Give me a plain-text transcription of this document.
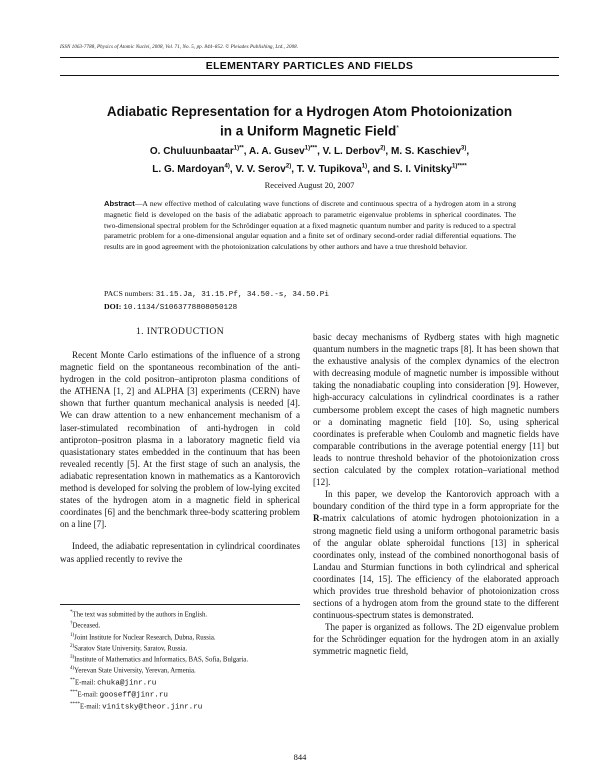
ISSN 1063-7788, Physics of Atomic Nuclei, 2008, Vol. 71, No. 5, pp. 844–852. © Pleiades Publishing, Ltd., 2008.
ELEMENTARY PARTICLES AND FIELDS
Adiabatic Representation for a Hydrogen Atom Photoionization
in a Uniform Magnetic Field*
O. Chuluunbaatar$^{1)**}$, A. A. Gusev$^{1)***}$, V. L. Derbov$^{2)}$, M. S. Kaschiev$^{3)}$,
L. G. Mardoyan$^{4)}$, V. V. Serov$^{2)}$, T. V. Tupikova$^{1)}$, and S. I. Vinitsky$^{1)****}$
Received August 20, 2007
Abstract—A new effective method of calculating wave functions of discrete and continuous spectra of a hydrogen atom in a strong magnetic field is developed on the basis of the adiabatic approach to parametric eigenvalue problems in spherical coordinates. The two-dimensional spectral problem for the Schrödinger equation at a fixed magnetic quantum number and parity is reduced to a spectral parametric problem for a one-dimensional angular equation and a finite set of ordinary second-order radial differential equations. The results are in good agreement with the photoionization calculations by other authors and have a true threshold behavior.
PACS numbers: 31.15.Ja, 31.15.Pf, 34.50.-s, 34.50.Pi
DOI: 10.1134/S1063778808050128
1. INTRODUCTION

Recent Monte Carlo estimations of the influence of a strong magnetic field on the spontaneous recombination of the anti-hydrogen in the cold positron–antiproton plasma conditions of the ATHENA [1, 2] and ALPHA [3] experiments (CERN) have shown that further quantum mechanical analysis is needed [4]. We can draw attention to a new enhancement mechanism of a laser-stimulated recombination of anti-hydrogen in cold antiproton–positron plasma in a laboratory magnetic field via quasistationary states embedded in the continuum that has been revealed recently [5]. At the first stage of such an analysis, the adiabatic representation known in mathematics as a Kantorovich method is developed for solving the problem of low-lying excited states of the hydrogen atom in a magnetic field in spherical coordinates [6] and the benchmark three-body scattering problem on a line [7].

Indeed, the adiabatic representation in cylindrical coordinates was applied recently to revive the

basic decay mechanisms of Rydberg states with high magnetic quantum numbers in the magnetic traps [8]. It has been shown that the exhaustive analysis of the complex dynamics of the electron with decreasing module of magnetic number is impossible without taking the nonadiabatic coupling into consideration [9]. However, high-accuracy calculations in cylindrical coordinates is a rather cumbersome problem except the cases of high magnetic numbers or a dominating magnetic field [10]. So, using spherical coordinates is preferable when Coulomb and magnetic fields have comparable contributions in the average potential energy [11] but leads to nontrue threshold behavior of the photoionization cross section calculated by the complex rotation–variational method [12].

In this paper, we develop the Kantorovich approach with a boundary condition of the third type in a form appropriate for the R-matrix calculations of atomic hydrogen photoionization in a strong magnetic field using a uniform orthogonal parametric basis of the angular oblate spheroidal functions [13] in spherical coordinates only, instead of the combined nonorthogonal basis of Landau and Sturmian functions in both cylindrical and spherical coordinates [14, 15]. The efficiency of the elaborated approach which provides true threshold behavior of photoionization cross sections of a hydrogen atom from the ground state to the different continuous-spectrum states is demonstrated.

The paper is organized as follows. The 2D eigenvalue problem for the Schrödinger equation for the hydrogen atom in an axially symmetric magnetic field,

*The text was submitted by the authors in English.
†Deceased.
$^{1)}$Joint Institute for Nuclear Research, Dubna, Russia.
$^{2)}$Saratov State University, Saratov, Russia.
$^{3)}$Institute of Mathematics and Informatics, BAS, Sofia, Bulgaria.
$^{4)}$Yerevan State University, Yerevan, Armenia.
**E-mail: chuka@jinr.ru
***E-mail: gooseff@jinr.ru
****E-mail: vinitsky@theor.jinr.ru
844
